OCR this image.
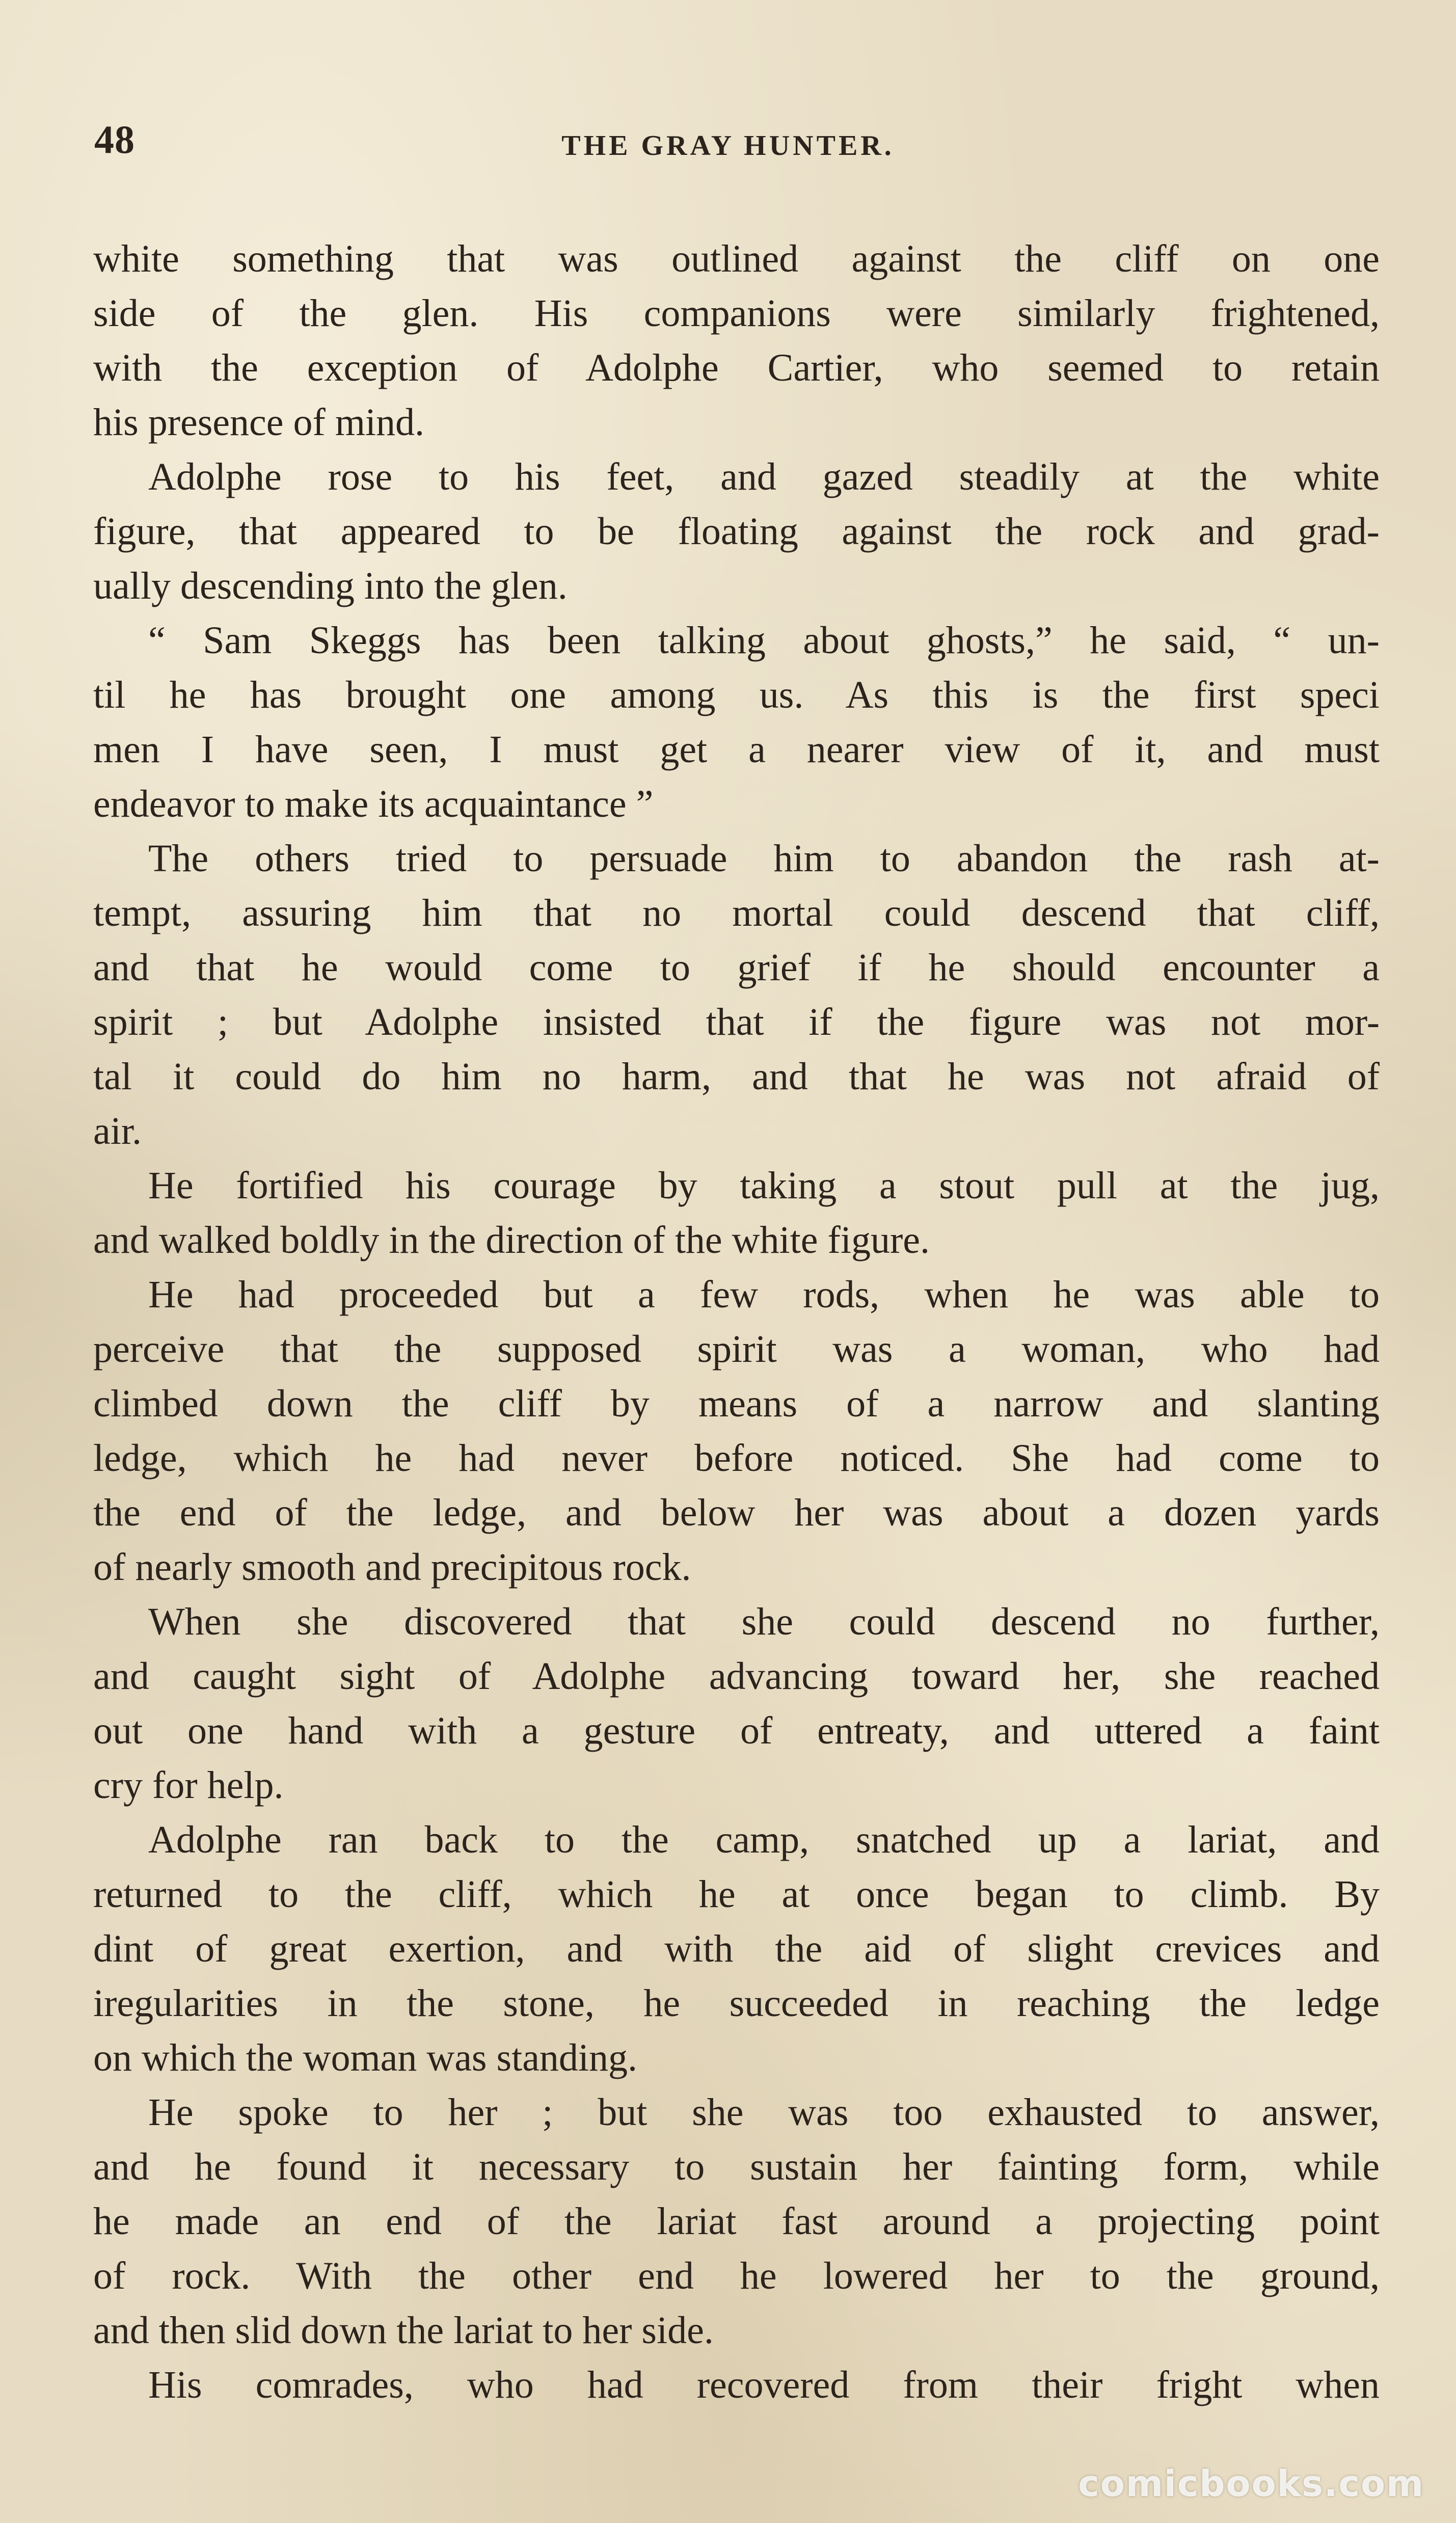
48	THE GRAY HUNTER.
white something that was outlined against the cliff on one
side of the glen. His companions were similarly frightened,
with the exception of Adolphe Cartier, who seemed to retain
his presence of mind.
Adolphe rose to his feet, and gazed steadily at the white
figure, that appeared to be floating against the rock and grad-
ually descending into the glen.
“ Sam Skeggs has been talking about ghosts,” he said, “ un-
til he has brought one among us. As this is the first speci
men I have seen, I must get a nearer view of it, and must
endeavor to make its acquaintance ”
The others tried to persuade him to abandon the rash at-
tempt, assuring him that no mortal could descend that cliff,
and that he would come to grief if he should encounter a
spirit ; but Adolphe insisted that if the figure was not mor-
tal it could do him no harm, and that he was not afraid of
air.
He fortified his courage by taking a stout pull at the jug,
and walked boldly in the direction of the white figure.
He had proceeded but a few rods, when he was able to
perceive that the supposed spirit was a woman, who had
climbed down the cliff by means of a narrow and slanting
ledge, which he had never before noticed. She had come to
the end of the ledge, and below her was about a dozen yards
of nearly smooth and precipitous rock.
When she discovered that she could descend no further,
and caught sight of Adolphe advancing toward her, she reached
out one hand with a gesture of entreaty, and uttered a faint
cry for help.
Adolphe ran back to the camp, snatched up a lariat, and
returned to the cliff, which he at once began to climb. By
dint of great exertion, and with the aid of slight crevices and
iregularities in the stone, he succeeded in reaching the ledge
on which the woman was standing.
He spoke to her ; but she was too exhausted to answer,
and he found it necessary to sustain her fainting form, while
he made an end of the lariat fast around a projecting point
of rock. With the other end he lowered her to the ground,
and then slid down the lariat to her side.
His comrades, who had recovered from their fright when
comicbooks.com
